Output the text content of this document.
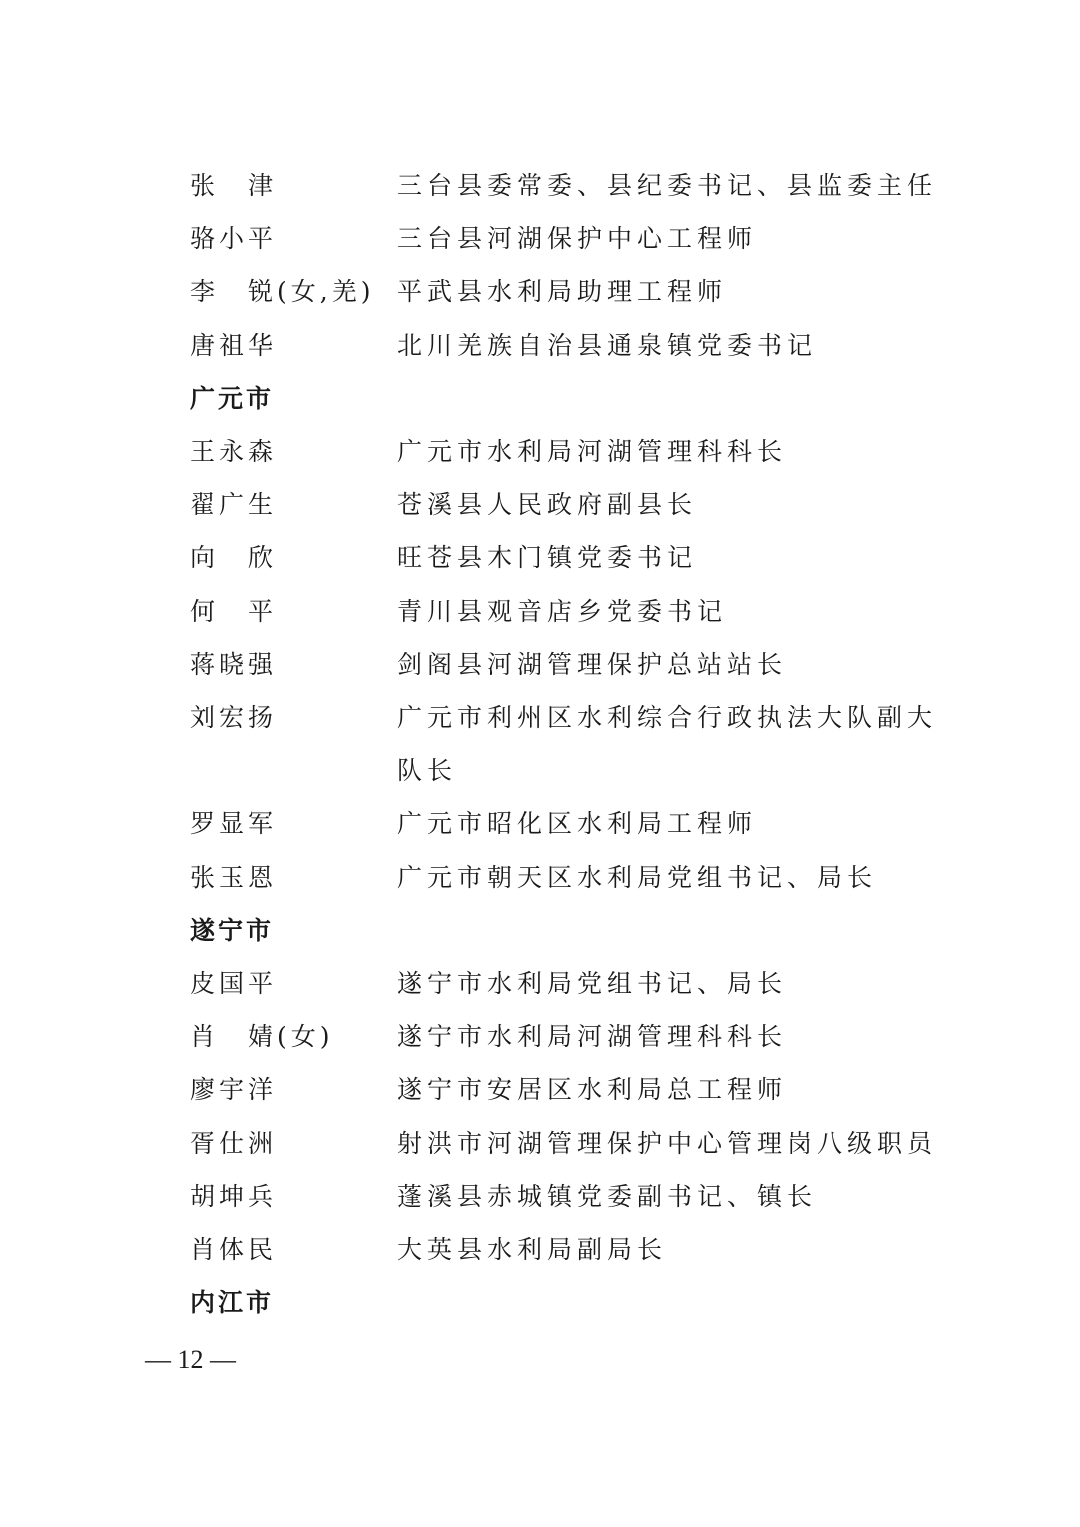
张　津	三台县委常委、县纪委书记、县监委主任
骆小平	三台县河湖保护中心工程师
李　锐(女,羌) 平武县水利局助理工程师
唐祖华	北川羌族自治县通泉镇党委书记
广元市
王永森	广元市水利局河湖管理科科长
翟广生	苍溪县人民政府副县长
向　欣	旺苍县木门镇党委书记
何　平	青川县观音店乡党委书记
蒋晓强	剑阁县河湖管理保护总站站长
刘宏扬	广元市利州区水利综合行政执法大队副大
队长
罗显军	广元市昭化区水利局工程师
张玉恩	广元市朝天区水利局党组书记、局长
遂宁市
皮国平	遂宁市水利局党组书记、局长
肖　婧(女)	遂宁市水利局河湖管理科科长
廖宇洋	遂宁市安居区水利局总工程师
胥仕洲	射洪市河湖管理保护中心管理岗八级职员
胡坤兵	蓬溪县赤城镇党委副书记、镇长
肖体民	大英县水利局副局长
内江市
— 12 —
